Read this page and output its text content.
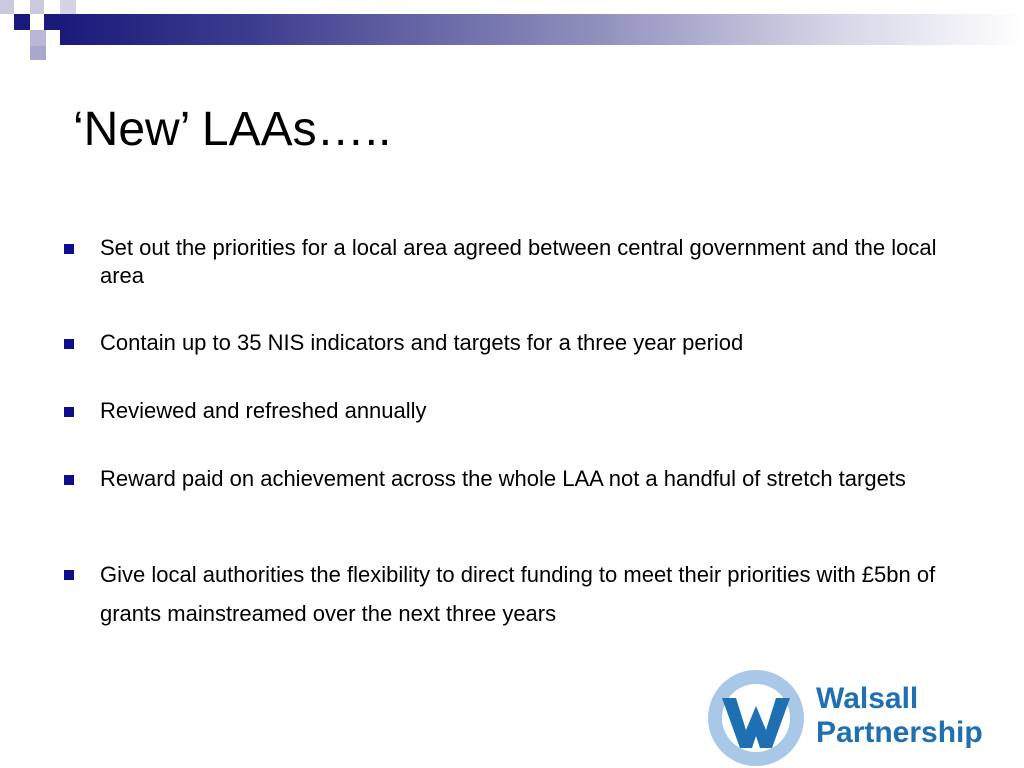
‘New’ LAAs…..
Set out the priorities for a local area agreed between central government and the local area
Contain up to 35 NIS indicators and targets for a three year period
Reviewed and refreshed annually
Reward paid on achievement across the whole LAA not a handful of stretch targets
Give local authorities the flexibility to direct funding to meet their priorities with £5bn of grants mainstreamed over the next three years
Walsall
Partnership
